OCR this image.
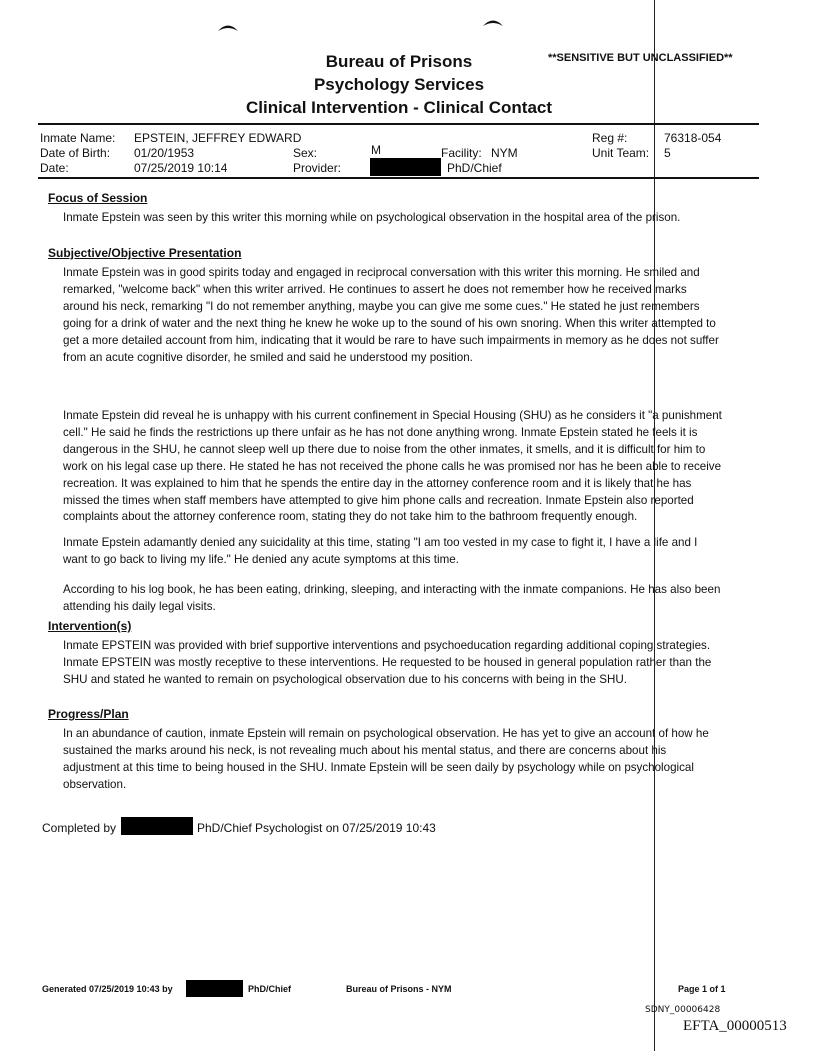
Bureau of Prisons
Psychology Services
Clinical Intervention - Clinical Contact
**SENSITIVE BUT UNCLASSIFIED**
Inmate Name: EPSTEIN, JEFFREY EDWARD	Reg #:	76318-054
Date of Birth: 01/20/1953	Sex:	M	Facility: NYM	Unit Team: 5
Date:	07/25/2019 10:14	Provider:	PhD/Chief
Focus of Session
Inmate Epstein was seen by this writer this morning while on psychological observation in the hospital area of the prison.
Subjective/Objective Presentation
Inmate Epstein was in good spirits today and engaged in reciprocal conversation with this writer this morning. He smiled and remarked, "welcome back" when this writer arrived. He continues to assert he does not remember how he received marks around his neck, remarking "I do not remember anything, maybe you can give me some cues." He stated he just remembers going for a drink of water and the next thing he knew he woke up to the sound of his own snoring. When this writer attempted to get a more detailed account from him, indicating that it would be rare to have such impairments in memory as he does not suffer from an acute cognitive disorder, he smiled and said he understood my position.
Inmate Epstein did reveal he is unhappy with his current confinement in Special Housing (SHU) as he considers it "a punishment cell." He said he finds the restrictions up there unfair as he has not done anything wrong. Inmate Epstein stated he feels it is dangerous in the SHU, he cannot sleep well up there due to noise from the other inmates, it smells, and it is difficult for him to work on his legal case up there. He stated he has not received the phone calls he was promised nor has he been able to receive recreation. It was explained to him that he spends the entire day in the attorney conference room and it is likely that he has missed the times when staff members have attempted to give him phone calls and recreation. Inmate Epstein also reported complaints about the attorney conference room, stating they do not take him to the bathroom frequently enough.
Inmate Epstein adamantly denied any suicidality at this time, stating "I am too vested in my case to fight it, I have a life and I want to go back to living my life." He denied any acute symptoms at this time.
According to his log book, he has been eating, drinking, sleeping, and interacting with the inmate companions. He has also been attending his daily legal visits.
Intervention(s)
Inmate EPSTEIN was provided with brief supportive interventions and psychoeducation regarding additional coping strategies. Inmate EPSTEIN was mostly receptive to these interventions. He requested to be housed in general population rather than the SHU and stated he wanted to remain on psychological observation due to his concerns with being in the SHU.
Progress/Plan
In an abundance of caution, inmate Epstein will remain on psychological observation. He has yet to give an account of how he sustained the marks around his neck, is not revealing much about his mental status, and there are concerns about his adjustment at this time to being housed in the SHU. Inmate Epstein will be seen daily by psychology while on psychological observation.
Completed by	PhD/Chief Psychologist on 07/25/2019 10:43
Generated 07/25/2019 10:43 by	PhD/Chief	Bureau of Prisons - NYM	Page 1 of 1
SDNY_00006428
EFTA_00000513
